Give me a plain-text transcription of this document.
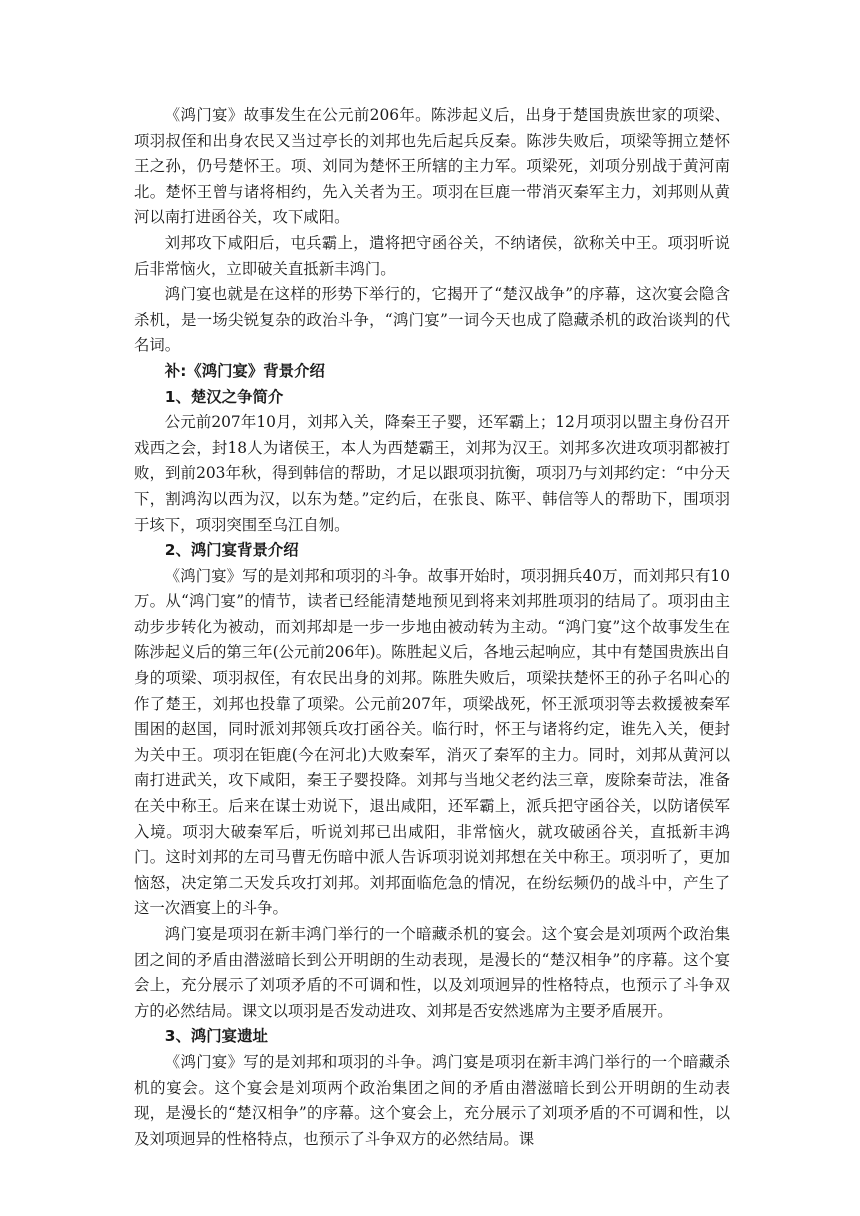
《鸿门宴》故事发生在公元前206年。陈涉起义后，出身于楚国贵族世家的项梁、项羽叔侄和出身农民又当过亭长的刘邦也先后起兵反秦。陈涉失败后，项梁等拥立楚怀王之孙，仍号楚怀王。项、刘同为楚怀王所辖的主力军。项梁死，刘项分别战于黄河南北。楚怀王曾与诸将相约，先入关者为王。项羽在巨鹿一带消灭秦军主力，刘邦则从黄河以南打进函谷关，攻下咸阳。

刘邦攻下咸阳后，屯兵霸上，遣将把守函谷关，不纳诸侯，欲称关中王。项羽听说后非常恼火，立即破关直抵新丰鸿门。

鸿门宴也就是在这样的形势下举行的，它揭开了“楚汉战争”的序幕，这次宴会隐含杀机，是一场尖锐复杂的政治斗争，“鸿门宴”一词今天也成了隐藏杀机的政治谈判的代名词。

补:《鸿门宴》背景介绍

1、楚汉之争简介

公元前207年10月，刘邦入关，降秦王子婴，还军霸上；12月项羽以盟主身份召开戏西之会，封18人为诸侯王，本人为西楚霸王，刘邦为汉王。刘邦多次进攻项羽都被打败，到前203年秋，得到韩信的帮助，才足以跟项羽抗衡，项羽乃与刘邦约定：“中分天下，割鸿沟以西为汉，以东为楚。”定约后，在张良、陈平、韩信等人的帮助下，围项羽于垓下，项羽突围至乌江自刎。

2、鸿门宴背景介绍

《鸿门宴》写的是刘邦和项羽的斗争。故事开始时，项羽拥兵40万，而刘邦只有10万。从“鸿门宴”的情节，读者已经能清楚地预见到将来刘邦胜项羽的结局了。项羽由主动步步转化为被动，而刘邦却是一步一步地由被动转为主动。“鸿门宴”这个故事发生在陈涉起义后的第三年(公元前206年)。陈胜起义后，各地云起响应，其中有楚国贵族出自身的项梁、项羽叔侄，有农民出身的刘邦。陈胜失败后，项梁扶楚怀王的孙子名叫心的作了楚王，刘邦也投靠了项梁。公元前207年，项梁战死，怀王派项羽等去救援被秦军围困的赵国，同时派刘邦领兵攻打函谷关。临行时，怀王与诸将约定，谁先入关，便封为关中王。项羽在钜鹿(今在河北)大败秦军，消灭了秦军的主力。同时，刘邦从黄河以南打进武关，攻下咸阳，秦王子婴投降。刘邦与当地父老约法三章，废除秦苛法，准备在关中称王。后来在谋士劝说下，退出咸阳，还军霸上，派兵把守函谷关，以防诸侯军入境。项羽大破秦军后，听说刘邦已出咸阳，非常恼火，就攻破函谷关，直抵新丰鸿门。这时刘邦的左司马曹无伤暗中派人告诉项羽说刘邦想在关中称王。项羽听了，更加恼怒，决定第二天发兵攻打刘邦。刘邦面临危急的情况，在纷纭频仍的战斗中，产生了这一次酒宴上的斗争。

鸿门宴是项羽在新丰鸿门举行的一个暗藏杀机的宴会。这个宴会是刘项两个政治集团之间的矛盾由潜滋暗长到公开明朗的生动表现，是漫长的“楚汉相争”的序幕。这个宴会上，充分展示了刘项矛盾的不可调和性，以及刘项迥异的性格特点，也预示了斗争双方的必然结局。课文以项羽是否发动进攻、刘邦是否安然逃席为主要矛盾展开。

3、鸿门宴遗址

《鸿门宴》写的是刘邦和项羽的斗争。鸿门宴是项羽在新丰鸿门举行的一个暗藏杀机的宴会。这个宴会是刘项两个政治集团之间的矛盾由潜滋暗长到公开明朗的生动表现，是漫长的“楚汉相争”的序幕。这个宴会上，充分展示了刘项矛盾的不可调和性，以及刘项迥异的性格特点，也预示了斗争双方的必然结局。课
